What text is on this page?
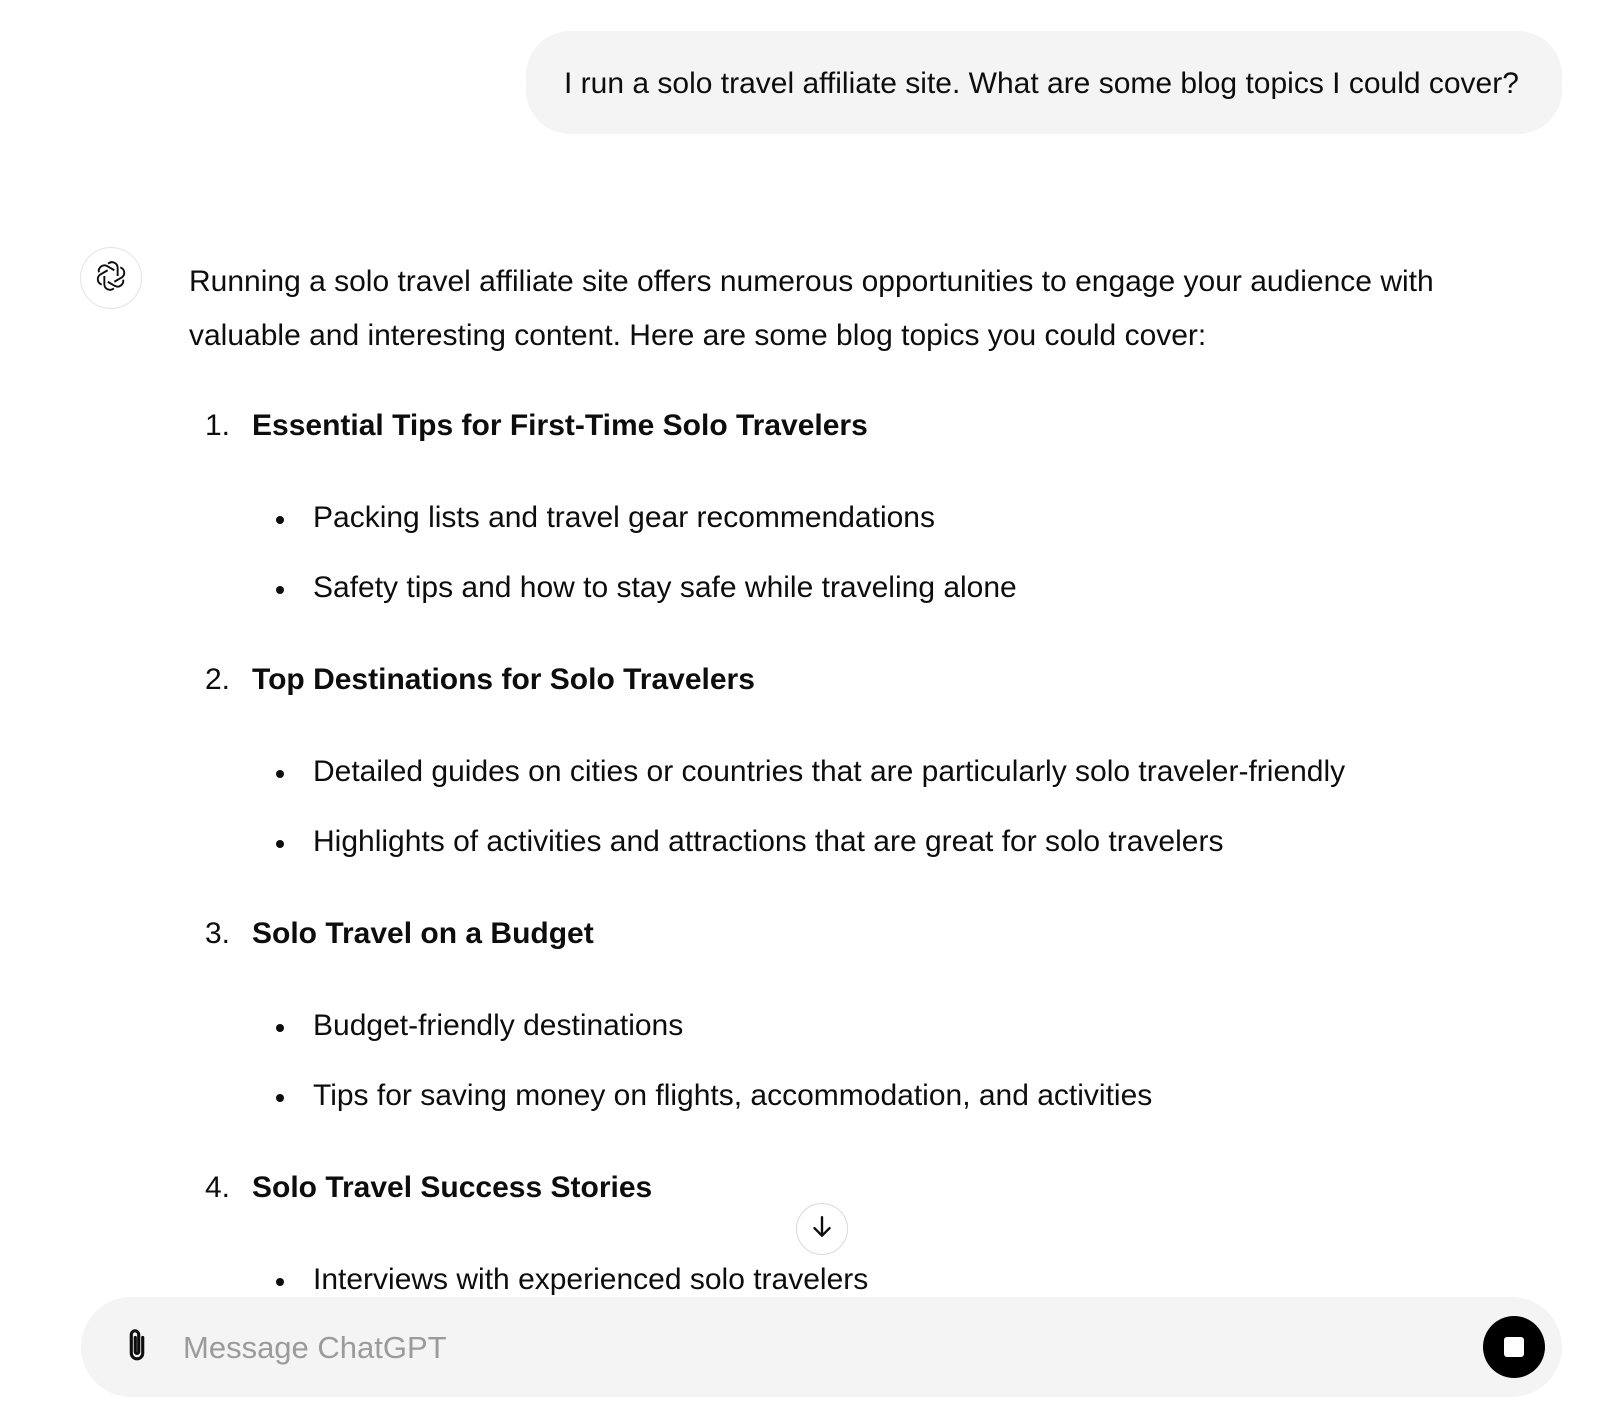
I run a solo travel affiliate site. What are some blog topics I could cover?

Running a solo travel affiliate site offers numerous opportunities to engage your audience with valuable and interesting content. Here are some blog topics you could cover:

1. Essential Tips for First-Time Solo Travelers
Packing lists and travel gear recommendations
Safety tips and how to stay safe while traveling alone
2. Top Destinations for Solo Travelers
Detailed guides on cities or countries that are particularly solo traveler-friendly
Highlights of activities and attractions that are great for solo travelers
3. Solo Travel on a Budget
Budget-friendly destinations
Tips for saving money on flights, accommodation, and activities
4. Solo Travel Success Stories
Interviews with experienced solo travelers
Message ChatGPT
